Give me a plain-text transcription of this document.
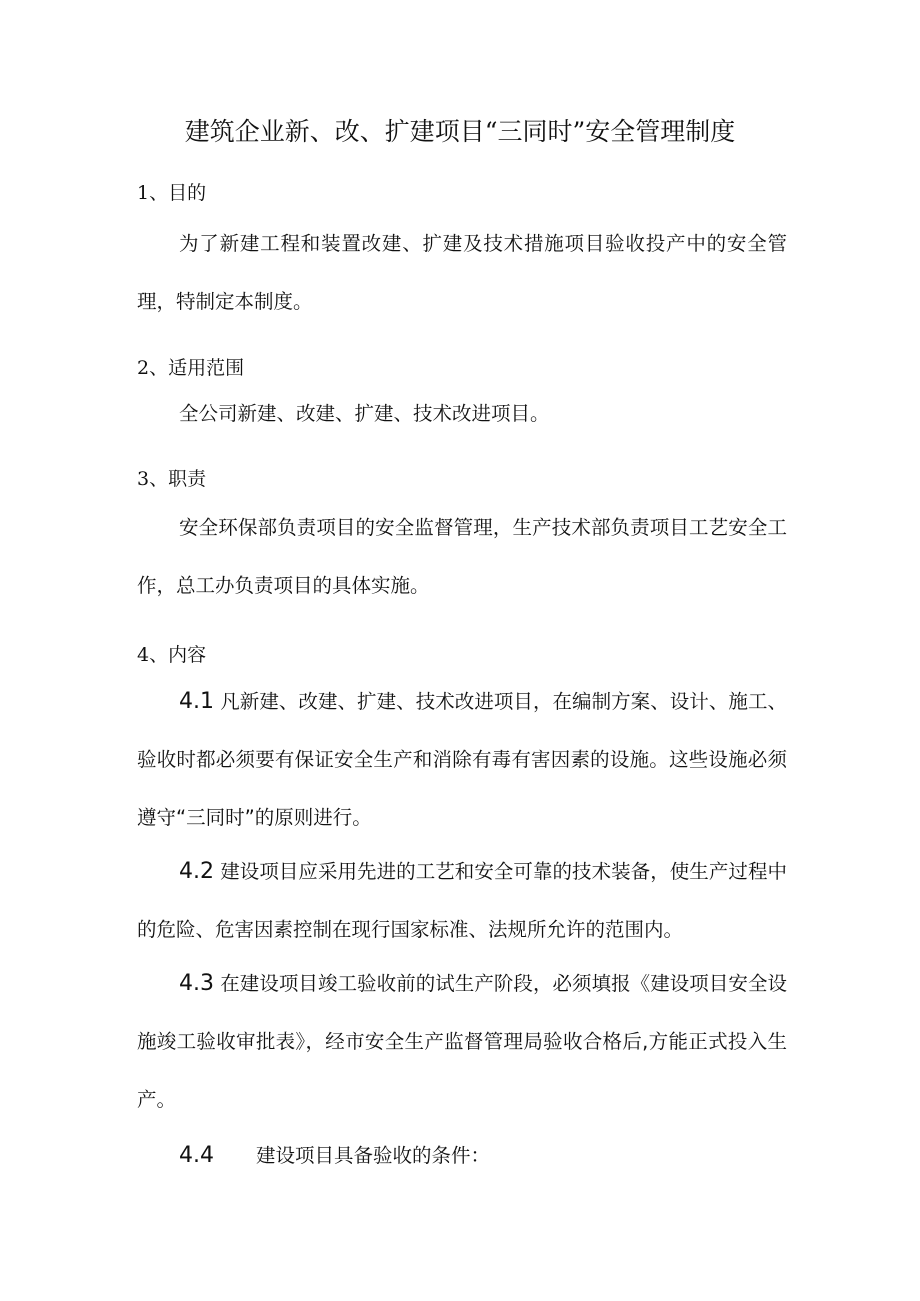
建筑企业新、改、扩建项目“三同时”安全管理制度
1、目的

为了新建工程和装置改建、扩建及技术措施项目验收投产中的安全管理，特制定本制度。

2、适用范围

全公司新建、改建、扩建、技术改进项目。

3、职责

安全环保部负责项目的安全监督管理，生产技术部负责项目工艺安全工作，总工办负责项目的具体实施。

4、内容

4.1 凡新建、改建、扩建、技术改进项目，在编制方案、设计、施工、验收时都必须要有保证安全生产和消除有毒有害因素的设施。这些设施必须遵守“三同时”的原则进行。

4.2 建设项目应采用先进的工艺和安全可靠的技术装备，使生产过程中的危险、危害因素控制在现行国家标准、法规所允许的范围内。

4.3 在建设项目竣工验收前的试生产阶段，必须填报《建设项目安全设施竣工验收审批表》，经市安全生产监督管理局验收合格后,方能正式投入生产。

4.4 建设项目具备验收的条件：
